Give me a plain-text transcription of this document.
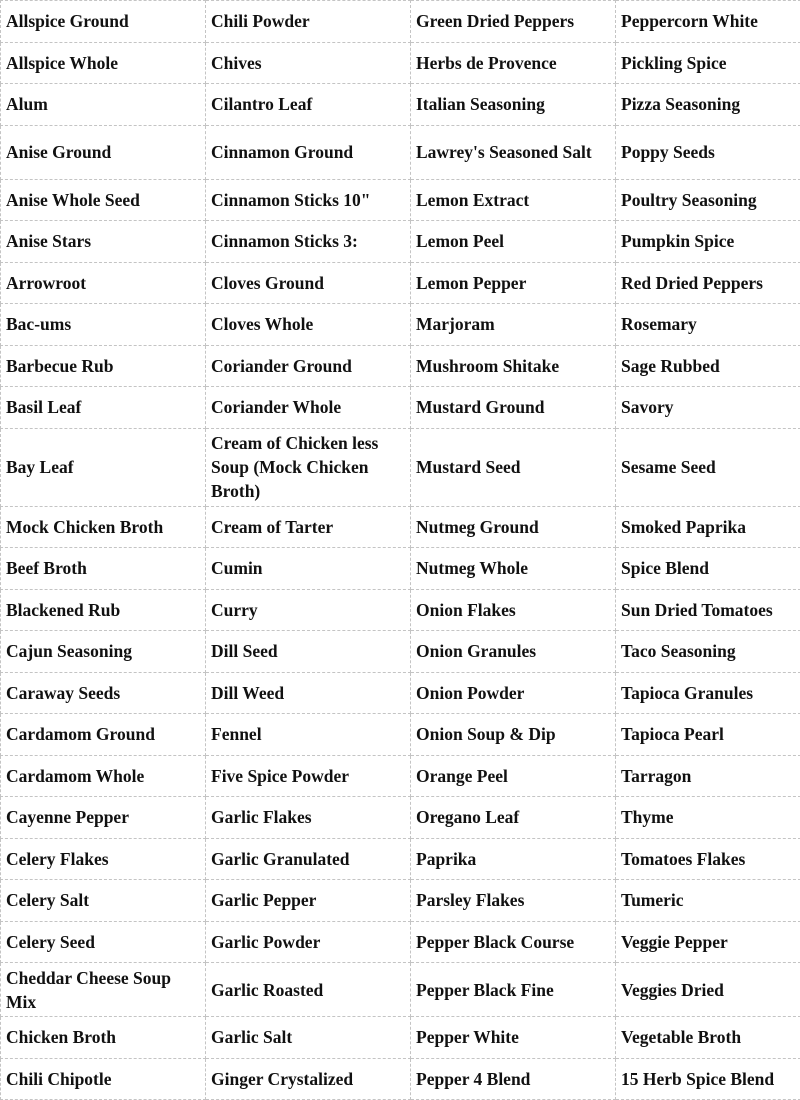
Allspice Ground	Chili Powder	Green Dried Peppers	Peppercorn White
Allspice Whole	Chives	Herbs de Provence	Pickling Spice
Alum	Cilantro Leaf	Italian Seasoning	Pizza Seasoning
Anise Ground	Cinnamon Ground	Lawrey's Seasoned Salt	Poppy Seeds
Anise Whole Seed	Cinnamon Sticks 10"	Lemon Extract	Poultry Seasoning
Anise Stars	Cinnamon Sticks 3:	Lemon Peel	Pumpkin Spice
Arrowroot	Cloves Ground	Lemon Pepper	Red Dried Peppers
Bac-ums	Cloves Whole	Marjoram	Rosemary
Barbecue Rub	Coriander Ground	Mushroom Shitake	Sage Rubbed
Basil Leaf	Coriander Whole	Mustard Ground	Savory
Bay Leaf	Cream of Chicken less Soup (Mock Chicken Broth)	Mustard Seed	Sesame Seed
Mock Chicken Broth	Cream of Tarter	Nutmeg Ground	Smoked Paprika
Beef Broth	Cumin	Nutmeg Whole	Spice Blend
Blackened Rub	Curry	Onion Flakes	Sun Dried Tomatoes
Cajun Seasoning	Dill Seed	Onion Granules	Taco Seasoning
Caraway Seeds	Dill Weed	Onion Powder	Tapioca Granules
Cardamom Ground	Fennel	Onion Soup & Dip	Tapioca Pearl
Cardamom Whole	Five Spice Powder	Orange Peel	Tarragon
Cayenne Pepper	Garlic Flakes	Oregano Leaf	Thyme
Celery Flakes	Garlic Granulated	Paprika	Tomatoes Flakes
Celery Salt	Garlic Pepper	Parsley Flakes	Tumeric
Celery Seed	Garlic Powder	Pepper Black Course	Veggie Pepper
Cheddar Cheese Soup Mix	Garlic Roasted	Pepper Black Fine	Veggies Dried
Chicken Broth	Garlic Salt	Pepper White	Vegetable Broth
Chili Chipotle	Ginger Crystalized	Pepper 4 Blend	15 Herb Spice Blend
